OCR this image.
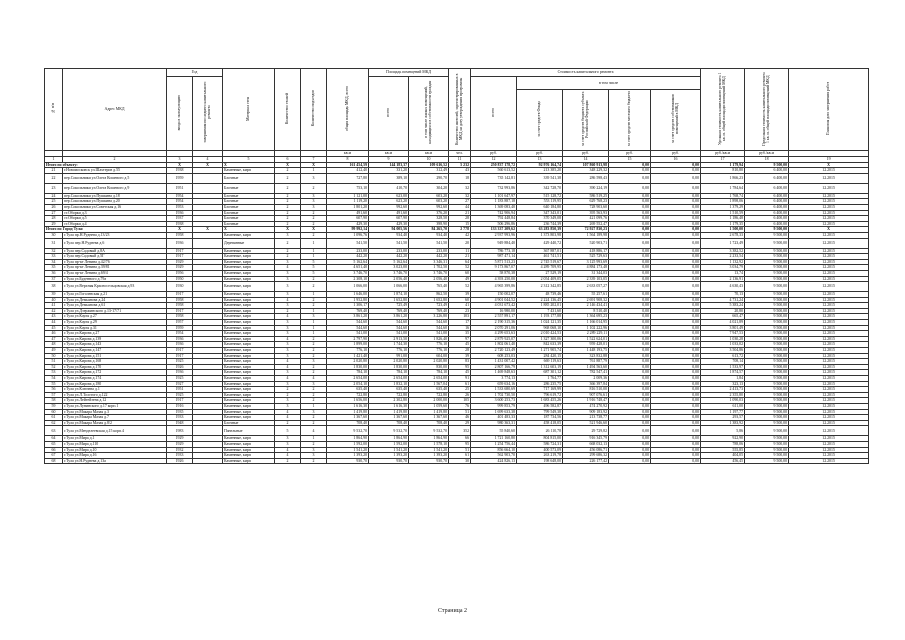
№ п/п	Адрес МКД	Год		Материал стен	Количество этажей	Количество подъездов	общая площадь МКД, всего	Площадь помещений МКД		Количество жителей, зарегистрированных в МКД на дату утверждения программы	Стоимость капитального ремонта					Удельная стоимость капитального ремонта 1 кв. м. общей площади помещений МКД	Предельная стоимость капитального ремонта 1 кв. м. общей площади помещений МКД	Плановая дата завершения работ
		ввода в эксплуатацию	завершения последнего капитального ремонта					всего	в том числе жилых помещений, находящихся в собственности граждан		всего	в том числе						
												за счет средств Фонда	за счет средств бюджета субъекта Российской Федерации	за счет средств местного бюджета	за счет средств собственников помещений в МКД			
							кв.м	кв.м	кв.м	чел.	руб.	руб.	руб.	руб.	руб.	руб./кв.м	руб./кв.м	
1	2	3	4	5	6	7	8	9	10	11	12	13	14	15	16	17	18	19
Итого по объекту:		X	X	X	X	X	161 454,59	144 183,37	109 616,52	5 232	250 837 178,72	92 976 164,74	107 860 913,98	0,00	0,00	1 179,94	9 500,00	X
21	г.Новомосковск ул.Шахтеров д.55	1938		Каменные, кирп	2	1	412,40	331,20	312,49	43	560 613,52	213 385,20	348 229,32	0,00	0,00	810,80	6 400,00	12.2015
22	пер.Сокольники ул.Олега Кошевого д.5	1959		Блочные	2	3	727,80	389,10	290,70	18	735 142,81	339 541,38	286 598,43	0,00	0,00	1 866,23	6 400,00	12.2015
23	пер.Сокольники ул.Олега Кошевого д.9	1951		Блочные	2	2	753,10	410,70	304,20	32	732 993,86	342 728,70	390 224,19	0,00	0,00	1 784,64	6 400,00	12.2015
24	пер.Сокольники ул.Пушкина д.18	1954		Блочные	2	3	1 121,00	623,00	603,20	32	1 101 647,97	515 128,72	586 519,25	0,00	0,00	1 768,74	6 400,00	12.2015
25	пер.Сокольники ул.Пушкина д.20	1954		Блочные	2	3	1 119,20	623,20	603,20	27	1 183 887,18	553 119,95	629 768,23	0,00	0,00	1 898,06	6 400,00	12.2015
26	пер.Сокольники ул.Советская д.16	1953		Блочные	2	3	1 801,20	992,60	992,60	44	1 369 083,40	640 184,80	728 903,60	0,00	0,00	1 379,29	6 400,00	12.2015
27	ст.Оборки д.3	1936		Блочные	2	2	491,60	491,60	376,20	21	742 906,94	347 343,01	395 563,93	0,00	0,00	1 510,59	6 400,00	12.2015
28	ст.Оборки д.5	1937		Блочные	2	2	607,90	607,90	328,50	28	792 448,84	370 349,08	421 099,76	0,00	0,00	1 186,48	6 400,00	12.2015
29	ст.Оборки д.4	1938		Блочные	2	2	429,30	429,30	398,90	15	506 296,86	236 744,39	269 552,47	0,00	0,00	1 179,35	6 400,00	12.2015
Итого по Город Тула:		X	X	X	X	X	99 992,14	94 005,56	84 265,70	2 778	133 337 209,62	63 283 850,39	72 927 830,23	0,00	0,00	1 500,00	9 500,00	X
30	г.Тула пр.Н.Руднева д.13/23	1958		Каменные, кирп	3	2	1 096,76	934,40	934,40	42	2 937 993,96	1 373 803,98	1 564 189,98	0,00	0,00	2 678,33	9 500,00	12.2015
31	г.Тула пер.Н.Руднева д.6	1936		Деревянные	2	1	541,50	541,50	541,50	20	949 884,40	429 440,72	520 903,71	0,00	0,00	1 723,49	9 500,00	12.2015
32	г.Тула пер.Садовый д.8А	1917		Каменные, кирп	2	1	233,00	233,00	233,00	11	786 773,18	367 887,01	418 886,17	0,00	0,00	3 382,52	9 500,00	12.2015
33	г.Тула пер.Садовый д.5Г	1917		Каменные, кирп	2	1	442,20	442,20	442,20	21	987 471,14	461 741,51	525 729,63	0,00	0,00	2 233,54	9 500,00	12.2015
34	г.Тула пр-кт Ленина д.42/76	1929		Каменные, кирп	3	5	5 162,64	5 162,64	3 346,31	64	5 871 513,23	2 745 519,67	3 125 993,69	0,00	0,00	1 132,92	9 500,00	12.2015
35	г.Тула пр-кт Ленина д.39/81	1929		Каменные, кирп	4	5	4 651,40	3 023,00	1 702,50	52	9 173 867,07	4 289 709,95	4 884 173,48	0,00	0,00	3 034,79	9 500,00	12.2015
36	г.Тула пр-кт Ленина д.69/4	1956		Каменные, кирп	3	5	3 746,70	3 746,70	3 746,70	60	58 870,38	27 529,19	31 344,03	0,00	0,00	13,74	9 500,00	12.2015
37	г.Тула ул.Буденного д.79а	1950		Каменные, кирп	3	2	2 308,10	2 056,40	2 056,40	49	4 393 250,00	2 054 409,05	2 339 103,05	0,00	0,00	2 136,91	9 500,00	12.2015
38	г.Тула ул.Верхняя Красносельцовская д.93	1930		Каменные, кирп	3	2	1 066,00	1 066,00	765,40	52	4 965 399,86	2 312 342,85	2 633 057,27	0,00	0,00	4 630,43	9 500,00	12.2015
39	г.Тула ул.Гоголевская д.21	1917		Каменные, кирп	3	1	1 646,00	1 874,10	862,50	39	150 002,07	48 739,46	55 257,61	0,00	0,00	70,13	9 500,00	12.2015
40	г.Тула ул.Демьянова д.24	1958		Каменные, кирп	4	2	1 952,80	1 652,80	1 652,80	60	4 901 044,52	2 224 136,45	2 691 908,32	0,00	0,00	4 731,24	9 500,00	12.2015
41	г.Тула ул.Демьянова д.61	1958		Каменные, кирп	3	2	1 306,17	725,49	723,49	41	4 031 673,42	1 885 202,01	2 146 434,41	0,00	0,00	5 383,24	9 500,00	12.2015
42	г.Тула ул.Дзержинского д.13-17/71	1917		Каменные, кирп	2	1	769,40	769,40	769,40	23	16 980,00	7 431,60	8 510,40	0,00	0,00	20,80	9 500,00	12.2015
43	г.Тула ул.Кауля д.27	1958		Каменные, кирп	4	3	3 861,20	3 861,20	3 226,80	103	2 557 891,17	1 193 177,88	1 364 695,23	0,00	0,00	665,47	9 500,00	12.2015
44	г.Тула ул.Кауля д.29	1957		Каменные, кирп	3	1	544,60	544,60	544,60	17	2 190 315,36	1 024 121,35	1 166 014,95	0,00	0,00	4 021,89	9 500,00	12.2015
45	г.Тула ул.Кауля д.31	1959		Каменные, кирп	3	1	544,60	544,60	544,60	16	2 070 291,06	968 068,10	1 102 222,96	0,00	0,00	3 801,49	9 500,00	12.2015
46	г.Тула ул.Кирова д.27	1954		Каменные, кирп	3	1	541,00	541,00	541,00	35	4 299 653,63	2 010 424,53	2 289 229,11	0,00	0,00	7 947,53	9 500,00	12.2015
47	г.Тула ул.Кирова д.139	1936		Каменные, кирп	4	2	2 797,90	2 913,50	1 826,40	97	2 879 925,07	1 327 300,06	1 522 624,01	0,00	0,00	1 030,28	9 500,00	12.2015
48	г.Тула ул.Кирова д.143	1936		Каменные, кирп	3	2	1 899,00	1 744,30	776,10	45	1 802 061,40	842 633,39	959 428,01	0,00	0,00	1 033,02	9 500,00	12.2015
49	г.Тула ул.Кирова д.147	1917		Каменные, кирп	3	2	776,10	776,10	776,10	28	2 720 123,49	1 271 905,74	1 448 193,75	0,00	0,00	3 504,86	9 500,00	12.2015
50	г.Тула ул.Кирова д.151	1917		Каменные, кирп	3	2	1 421,40	991,00	604,00	39	608 253,03	284 420,15	323 832,88	0,00	0,00	613,72	9 500,00	12.2015
51	г.Тула ул.Кирова д.168	1925		Каменные, кирп	4	3	2 020,80	2 020,80	2 020,80	83	1 431 007,42	669 119,63	761 887,79	0,00	0,00	708,14	9 500,00	12.2015
52	г.Тула ул.Кирова д.170	1926		Каменные, кирп	4	2	1 830,00	1 830,00	830,00	95	2 807 166,79	1 312 603,19	1 494 563,60	0,00	0,00	1 533,97	9 500,00	12.2015
53	г.Тула ул.Кирова д.172	1936		Каменные, кирп	3	2	784,10	784,10	784,10	45	1 469 848,63	687 301,12	782 547,41	0,00	0,00	1 874,57	9 500,00	12.2015
54	г.Тула ул.Кирова д.174	1925		Каменные, кирп	4	4	2 654,00	2 654,00	2 654,00	91	3 774,13	1 764,77	2 009,36	0,00	0,00	1,84	9 500,00	12.2015
55	г.Тула ул.Кирова д.180	1927		Каменные, кирп	3	3	2 054,10	1 832,10	1 567,04	61	659 634,16	286 235,75	366 397,84	0,00	0,00	323,13	9 500,00	12.2015
56	г.Тула ул.Ключева д.1	1951		Каменные, кирп	2	2	635,40	635,40	635,40	25	1 533 680,69	717 169,99	816 510,00	0,00	0,00	2 413,73	9 500,00	12.2015
57	г.Тула ул.Л.Толстого д.122	1925		Каменные, кирп	2	2	722,80	722,80	722,80	26	1 702 730,50	796 619,72	907 076,61	0,00	0,00	2 355,80	9 500,00	12.2015
58	г.Тула ул.Лейтейзена д.12	1917		Каменные, кирп	3	2	1 656,00	2 302,80	2 000,00	105	3 600 253,73	1 683 455,26	1 916 748,47	0,00	0,00	1 090,03	9 500,00	12.2015
59	г.Тула ул.Лунинского д.17 корп.1	1916		Каменные, кирп	3	1	1 616,30	1 616,30	1 059,60	76	999 853,79	496 582,87	474 270,92	0,00	0,00	611,00	9 500,00	12.2015
60	г.Тула ул.Макара Мазая д.3	1935		Каменные, кирп	4	3	1 419,80	1 419,80	1 419,80	51	1 699 633,38	799 549,38	909 183,92	0,00	0,00	1 197,77	9 500,00	12.2015
61	г.Тула ул.Макара Мазая д.7	1933		Каменные, кирп	4	2	1 367,60	1 367,60	1 367,60	46	401 483,33	187 734,56	213 738,77	0,00	0,00	293,57	9 500,00	12.2015
62	г.Тула ул.Макара Мазая д.8/2	1948		Блочные	2	2	708,40	708,40	708,40	29	980 363,31	458 418,05	521 946,60	0,00	0,00	1 383,92	9 500,00	12.2015
63	г.Тула ул.Менделеевская д.15 корп.4	1983		Панельные	5	4	9 532,70	9 532,70	9 532,70	352	55 840,60	26 110,78	29 729,82	0,00	0,00	5,86	9 500,00	12.2015
64	г.Тула ул.Мира д.1	1929		Каменные, кирп	3	1	1 864,90	1 864,90	1 864,90	66	1 721 160,80	804 815,00	916 345,79	0,00	0,00	922,90	9 500,00	12.2015
65	г.Тула ул.Мира д.110	1929		Каменные, кирп	3	2	1 592,00	1 592,00	1 578,10	95	1 254 756,44	586 724,31	668 032,13	0,00	0,00	788,06	9 500,00	12.2015
66	г.Тула ул.Мира д.10	1932		Каменные, кирп	4	3	1 541,20	1 541,20	1 541,20	51	856 664,10	400 573,09	456 086,71	0,00	0,00	555,85	9 500,00	12.2015
67	г.Тула ул.Мира д.16	1933		Каменные, кирп	4	3	1 393,20	1 393,20	1 393,20	61	562 903,70	263 219,78	299 686,32	0,00	0,00	404,05	9 500,00	12.2015
68	г.Тула ул.Н.Руднева д.13а	1926		Каменные, кирп	2	2	930,70	930,70	930,70	30	424 826,13	198 648,00	226 177,42	0,00	0,00	456,45	9 500,00	12.2015
Страница 2
